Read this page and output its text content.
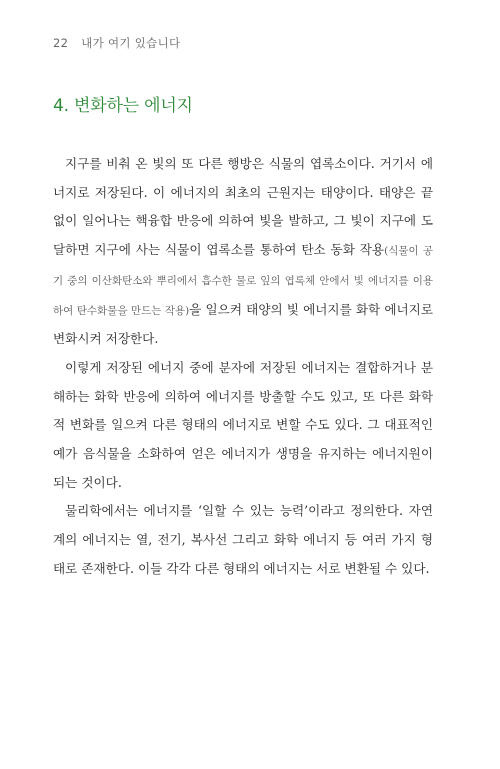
22 내가 여기 있습니다
4. 변화하는 에너지

지구를 비춰 온 빛의 또 다른 행방은 식물의 엽록소이다. 거기서 에너지로 저장된다. 이 에너지의 최초의 근원지는 태양이다. 태양은 끝없이 일어나는 핵융합 반응에 의하여 빛을 발하고, 그 빛이 지구에 도달하면 지구에 사는 식물이 엽록소를 통하여 탄소 동화 작용(식물이 공기 중의 이산화탄소와 뿌리에서 흡수한 물로 잎의 엽록체 안에서 빛 에너지를 이용하여 탄수화물을 만드는 작용)을 일으켜 태양의 빛 에너지를 화학 에너지로 변화시켜 저장한다.

이렇게 저장된 에너지 중에 분자에 저장된 에너지는 결합하거나 분해하는 화학 반응에 의하여 에너지를 방출할 수도 있고, 또 다른 화학적 변화를 일으켜 다른 형태의 에너지로 변할 수도 있다. 그 대표적인 예가 음식물을 소화하여 얻은 에너지가 생명을 유지하는 에너지원이 되는 것이다.

물리학에서는 에너지를 ‘일할 수 있는 능력’이라고 정의한다. 자연계의 에너지는 열, 전기, 복사선 그리고 화학 에너지 등 여러 가지 형태로 존재한다. 이들 각각 다른 형태의 에너지는 서로 변환될 수 있다.
